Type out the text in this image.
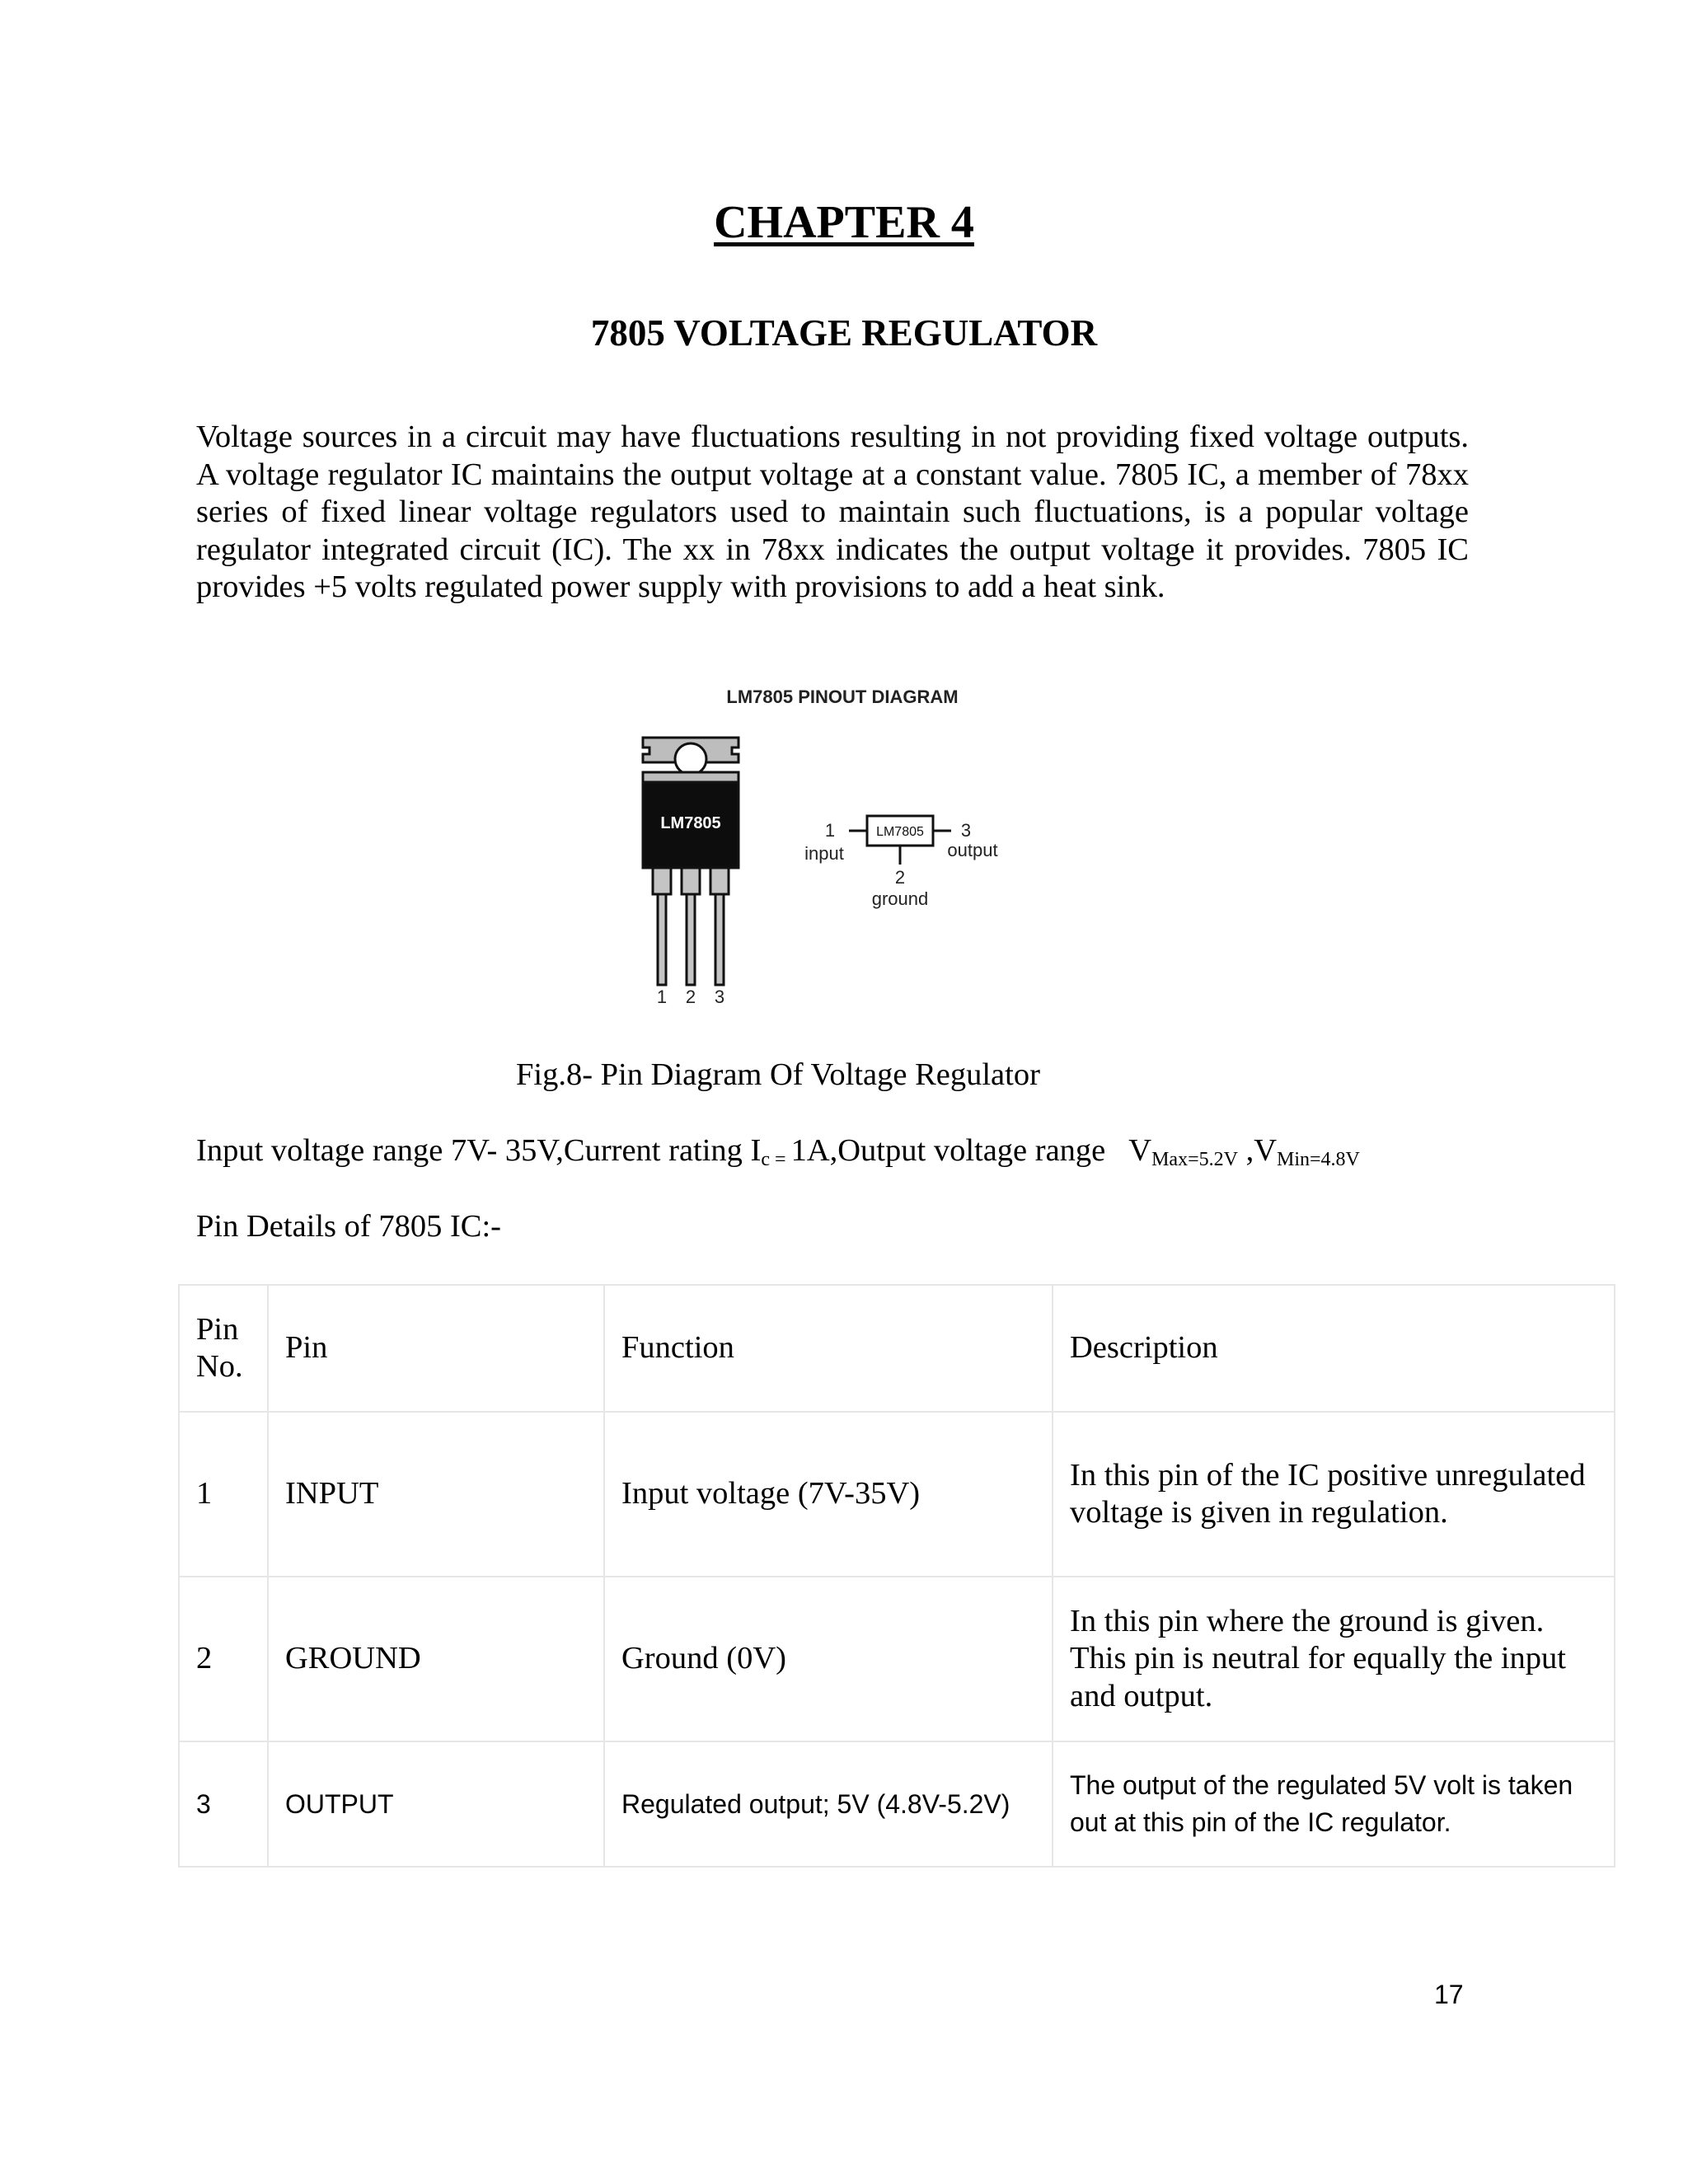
CHAPTER 4
7805 VOLTAGE REGULATOR

Voltage sources in a circuit may have fluctuations resulting in not providing fixed voltage outputs. A voltage regulator IC maintains the output voltage at a constant value. 7805 IC, a member of 78xx series of fixed linear voltage regulators used to maintain such fluctuations, is a popular voltage regulator integrated circuit (IC). The xx in 78xx indicates the output voltage it provides. 7805 IC provides +5 volts regulated power supply with provisions to add a heat sink.

LM7805 PINOUT DIAGRAM
LM7805
1 2 3
LM7805
1
input
3
output
2
ground

Fig.8- Pin Diagram Of Voltage Regulator

Input voltage range 7V- 35V,Current rating $I_{c =}$ 1A,Output voltage range $V_{Max=5.2V}$ $,V_{Min=4.8V}$

Pin Details of 7805 IC:-

Pin No.	Pin	Function	Description
1	INPUT	Input voltage (7V-35V)	In this pin of the IC positive unregulated voltage is given in regulation.
2	GROUND	Ground (0V)	In this pin where the ground is given. This pin is neutral for equally the input and output.
3	OUTPUT	Regulated output; 5V (4.8V-5.2V)	The output of the regulated 5V volt is taken out at this pin of the IC regulator.

17
